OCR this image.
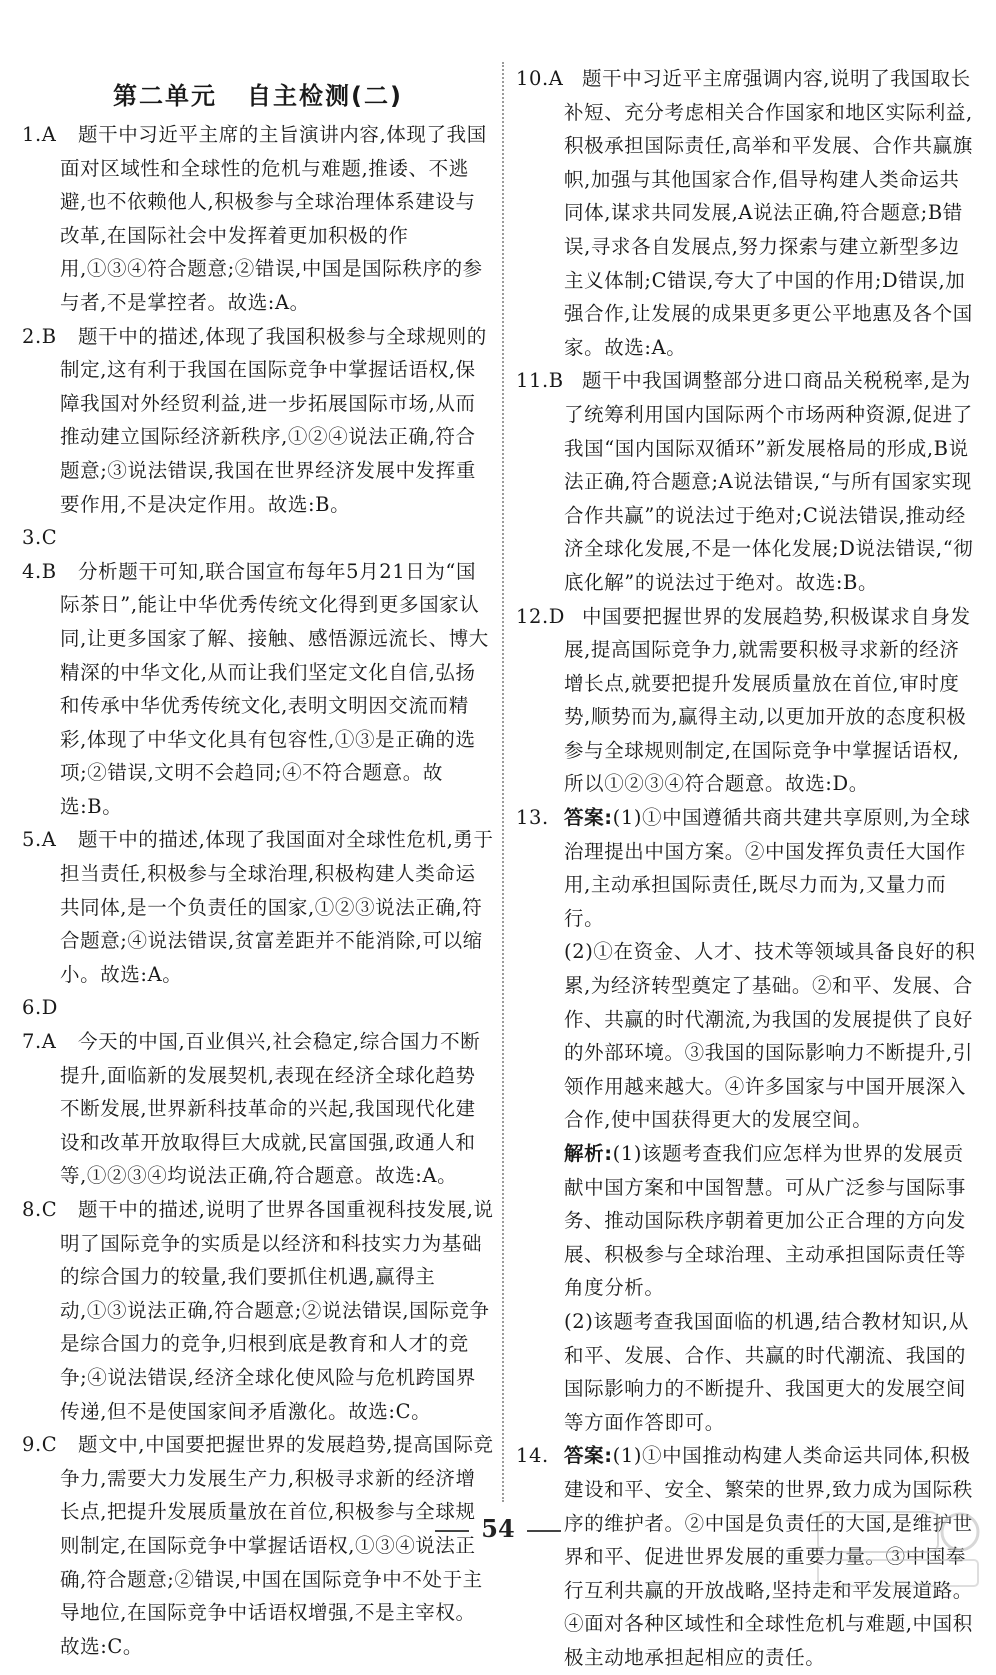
第二单元 自主检测(二)
1.A 题干中习近平主席的主旨演讲内容,体现了我国面对区域性和全球性的危机与难题,推诿、不逃避,也不依赖他人,积极参与全球治理体系建设与改革,在国际社会中发挥着更加积极的作用,①③④符合题意;②错误,中国是国际秩序的参与者,不是掌控者。故选:A。
2.B 题干中的描述,体现了我国积极参与全球规则的制定,这有利于我国在国际竞争中掌握话语权,保障我国对外经贸利益,进一步拓展国际市场,从而推动建立国际经济新秩序,①②④说法正确,符合题意;③说法错误,我国在世界经济发展中发挥重要作用,不是决定作用。故选:B。
3.C

4.B 分析题干可知,联合国宣布每年5月21日为“国际茶日”,能让中华优秀传统文化得到更多国家认同,让更多国家了解、接触、感悟源远流长、博大精深的中华文化,从而让我们坚定文化自信,弘扬和传承中华优秀传统文化,表明文明因交流而精彩,体现了中华文化具有包容性,①③是正确的选项;②错误,文明不会趋同;④不符合题意。故选:B。
5.A 题干中的描述,体现了我国面对全球性危机,勇于担当责任,积极参与全球治理,积极构建人类命运共同体,是一个负责任的国家,①②③说法正确,符合题意;④说法错误,贫富差距并不能消除,可以缩小。故选:A。
6.D

7.A 今天的中国,百业俱兴,社会稳定,综合国力不断提升,面临新的发展契机,表现在经济全球化趋势不断发展,世界新科技革命的兴起,我国现代化建设和改革开放取得巨大成就,民富国强,政通人和等,①②③④均说法正确,符合题意。故选:A。
8.C 题干中的描述,说明了世界各国重视科技发展,说明了国际竞争的实质是以经济和科技实力为基础的综合国力的较量,我们要抓住机遇,赢得主动,①③说法正确,符合题意;②说法错误,国际竞争是综合国力的竞争,归根到底是教育和人才的竞争;④说法错误,经济全球化使风险与危机跨国界传递,但不是使国家间矛盾激化。故选:C。
9.C 题文中,中国要把握世界的发展趋势,提高国际竞争力,需要大力发展生产力,积极寻求新的经济增长点,把提升发展质量放在首位,积极参与全球规则制定,在国际竞争中掌握话语权,①③④说法正确,符合题意;②错误,中国在国际竞争中不处于主导地位,在国际竞争中话语权增强,不是主宰权。故选:C。
10.A 题干中习近平主席强调内容,说明了我国取长补短、充分考虑相关合作国家和地区实际利益,积极承担国际责任,高举和平发展、合作共赢旗帜,加强与其他国家合作,倡导构建人类命运共同体,谋求共同发展,A说法正确,符合题意;B错误,寻求各自发展点,努力探索与建立新型多边主义体制;C错误,夸大了中国的作用;D错误,加强合作,让发展的成果更多更公平地惠及各个国家。故选:A。
11.B 题干中我国调整部分进口商品关税税率,是为了统筹利用国内国际两个市场两种资源,促进了我国“国内国际双循环”新发展格局的形成,B说法正确,符合题意;A说法错误,“与所有国家实现合作共赢”的说法过于绝对;C说法错误,推动经济全球化发展,不是一体化发展;D说法错误,“彻底化解”的说法过于绝对。故选:B。
12.D 中国要把握世界的发展趋势,积极谋求自身发展,提高国际竞争力,就需要积极寻求新的经济增长点,就要把提升发展质量放在首位,审时度势,顺势而为,赢得主动,以更加开放的态度积极参与全球规则制定,在国际竞争中掌握话语权,所以①②③④符合题意。故选:D。
13. 答案:(1)①中国遵循共商共建共享原则,为全球治理提出中国方案。②中国发挥负责任大国作用,主动承担国际责任,既尽力而为,又量力而行。

(2)①在资金、人才、技术等领域具备良好的积累,为经济转型奠定了基础。②和平、发展、合作、共赢的时代潮流,为我国的发展提供了良好的外部环境。③我国的国际影响力不断提升,引领作用越来越大。④许多国家与中国开展深入合作,使中国获得更大的发展空间。

解析:(1)该题考查我们应怎样为世界的发展贡献中国方案和中国智慧。可从广泛参与国际事务、推动国际秩序朝着更加公正合理的方向发展、积极参与全球治理、主动承担国际责任等角度分析。

(2)该题考查我国面临的机遇,结合教材知识,从和平、发展、合作、共赢的时代潮流、我国的国际影响力的不断提升、我国更大的发展空间等方面作答即可。

14. 答案:(1)①中国推动构建人类命运共同体,积极建设和平、安全、繁荣的世界,致力成为国际秩序的维护者。②中国是负责任的大国,是维护世界和平、促进世界发展的重要力量。③中国奉行互利共赢的开放战略,坚持走和平发展道路。④面对各种区域性和全球性危机与难题,中国积极主动地承担起相应的责任。

54
